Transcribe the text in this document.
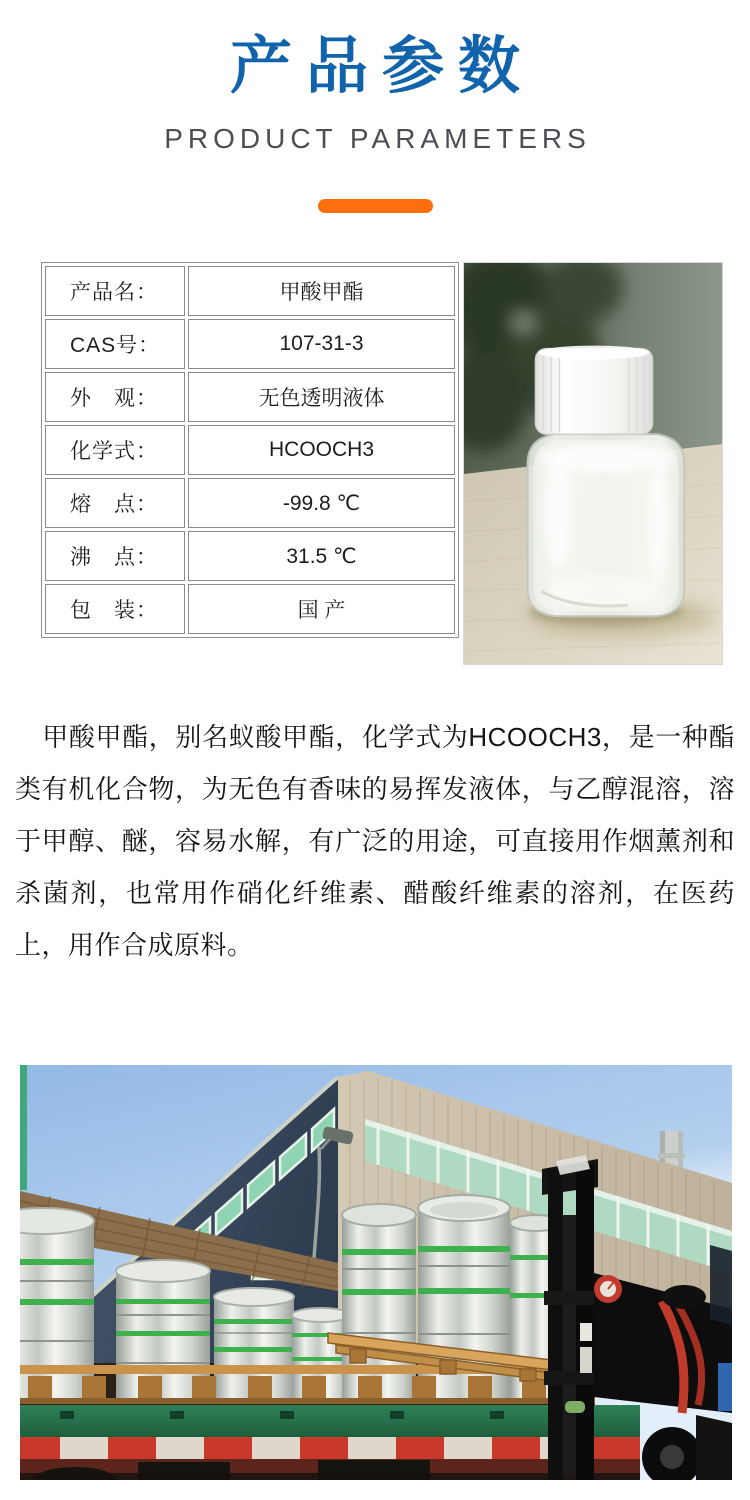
产品参数
PRODUCT PARAMETERS
产品名：	甲酸甲酯
CAS号：	107-31-3
外　观：	无色透明液体
化学式：	HCOOCH3
熔　点：	-99.8 ℃
沸　点：	31.5 ℃
包　装：	国 产

甲酸甲酯，别名蚁酸甲酯，化学式为HCOOCH3，是一种酯类有机化合物，为无色有香味的易挥发液体，与乙醇混溶，溶于甲醇、醚，容易水解，有广泛的用途，可直接用作烟薰剂和杀菌剂，也常用作硝化纤维素、醋酸纤维素的溶剂，在医药上，用作合成原料。
